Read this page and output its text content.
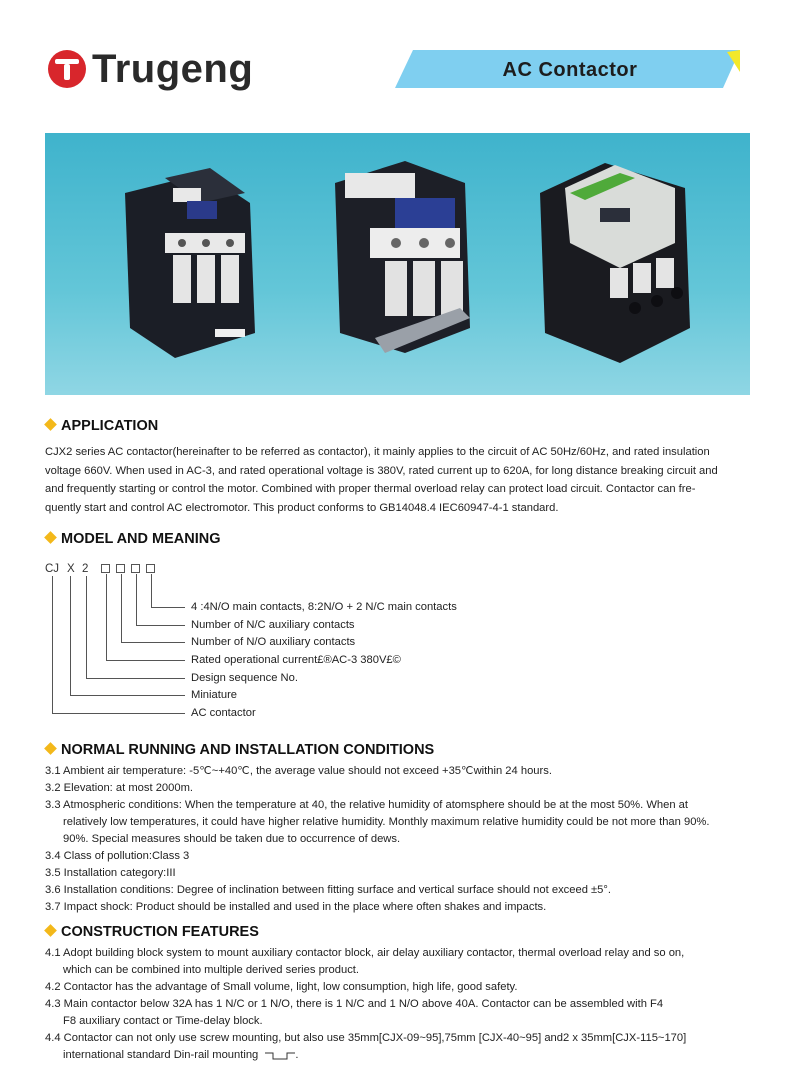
Trugeng	AC Contactor
APPLICATION
CJX2 series AC contactor(hereinafter to be referred as contactor), it mainly applies to the circuit of AC 50Hz/60Hz, and rated insulation
voltage 660V. When used in AC-3, and rated operational voltage is 380V, rated current up to 620A, for long distance breaking circuit and
and frequently starting or control the motor. Combined with proper thermal overload relay can protect load circuit. Contactor can fre-
quently start and control AC electromotor. This product conforms to GB14048.4 IEC60947-4-1 standard.
MODEL AND MEANING
CJ X 2
4 :4N/O main contacts, 8:2N/O + 2 N/C main contacts
Number of N/C auxiliary contacts
Number of N/O auxiliary contacts
Rated operational current£®AC-3 380V£©
Design sequence No.
Miniature
AC contactor
NORMAL RUNNING AND INSTALLATION CONDITIONS
3.1 Ambient air temperature: -5℃~+40℃, the average value should not exceed +35℃within 24 hours.
3.2 Elevation: at most 2000m.
3.3 Atmospheric conditions: When the temperature at 40, the relative humidity of atomsphere should be at the most 50%. When at
relatively low temperatures, it could have higher relative humidity. Monthly maximum relative humidity could be not more than 90%.
90%. Special measures should be taken due to occurrence of dews.
3.4 Class of pollution:Class 3
3.5 Installation category:III
3.6 Installation conditions: Degree of inclination between fitting surface and vertical surface should not exceed ±5°.
3.7 Impact shock: Product should be installed and used in the place where often shakes and impacts.
CONSTRUCTION FEATURES
4.1 Adopt building block system to mount auxiliary contactor block, air delay auxiliary contactor, thermal overload relay and so on,
which can be combined into multiple derived series product.
4.2 Contactor has the advantage of Small volume, light, low consumption, high life, good safety.
4.3 Main contactor below 32A has 1 N/C or 1 N/O, there is 1 N/C and 1 N/O above 40A. Contactor can be assembled with F4
F8 auxiliary contact or Time-delay block.
4.4 Contactor can not only use screw mounting, but also use 35mm[CJX-09~95],75mm [CJX-40~95] and2 x 35mm[CJX-115~170]
international standard Din-rail mounting	.
